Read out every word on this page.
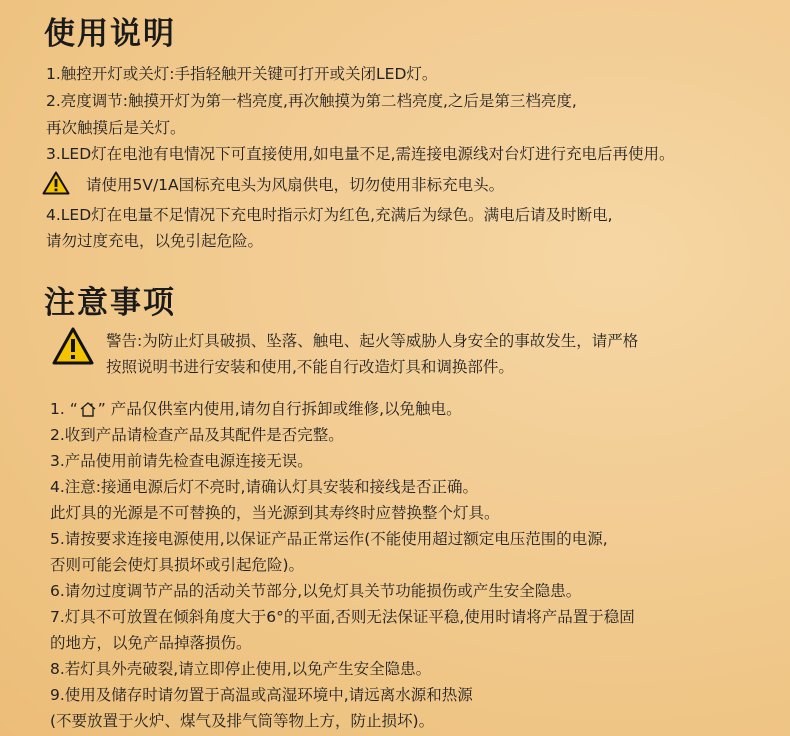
使用说明
1.触控开灯或关灯:手指轻触开关键可打开或关闭LED灯。
2.亮度调节:触摸开灯为第一档亮度,再次触摸为第二档亮度,之后是第三档亮度,
再次触摸后是关灯。
3.LED灯在电池有电情况下可直接使用,如电量不足,需连接电源线对台灯进行充电后再使用。
请使用5V/1A国标充电头为风扇供电，切勿使用非标充电头。
4.LED灯在电量不足情况下充电时指示灯为红色,充满后为绿色。满电后请及时断电,
请勿过度充电，以免引起危险。
注意事项
警告:为防止灯具破损、坠落、触电、起火等威胁人身安全的事故发生，请严格
按照说明书进行安装和使用,不能自行改造灯具和调换部件。
1. “ ” 产品仅供室内使用,请勿自行拆卸或维修,以免触电。
2.收到产品请检查产品及其配件是否完整。
3.产品使用前请先检查电源连接无误。
4.注意:接通电源后灯不亮时,请确认灯具安装和接线是否正确。
此灯具的光源是不可替换的，当光源到其寿终时应替换整个灯具。
5.请按要求连接电源使用,以保证产品正常运作(不能使用超过额定电压范围的电源,
否则可能会使灯具损坏或引起危险)。
6.请勿过度调节产品的活动关节部分,以免灯具关节功能损伤或产生安全隐患。
7.灯具不可放置在倾斜角度大于6°的平面,否则无法保证平稳,使用时请将产品置于稳固
的地方，以免产品掉落损伤。
8.若灯具外壳破裂,请立即停止使用,以免产生安全隐患。
9.使用及储存时请勿置于高温或高湿环境中,请远离水源和热源
(不要放置于火炉、煤气及排气筒等物上方，防止损坏)。
